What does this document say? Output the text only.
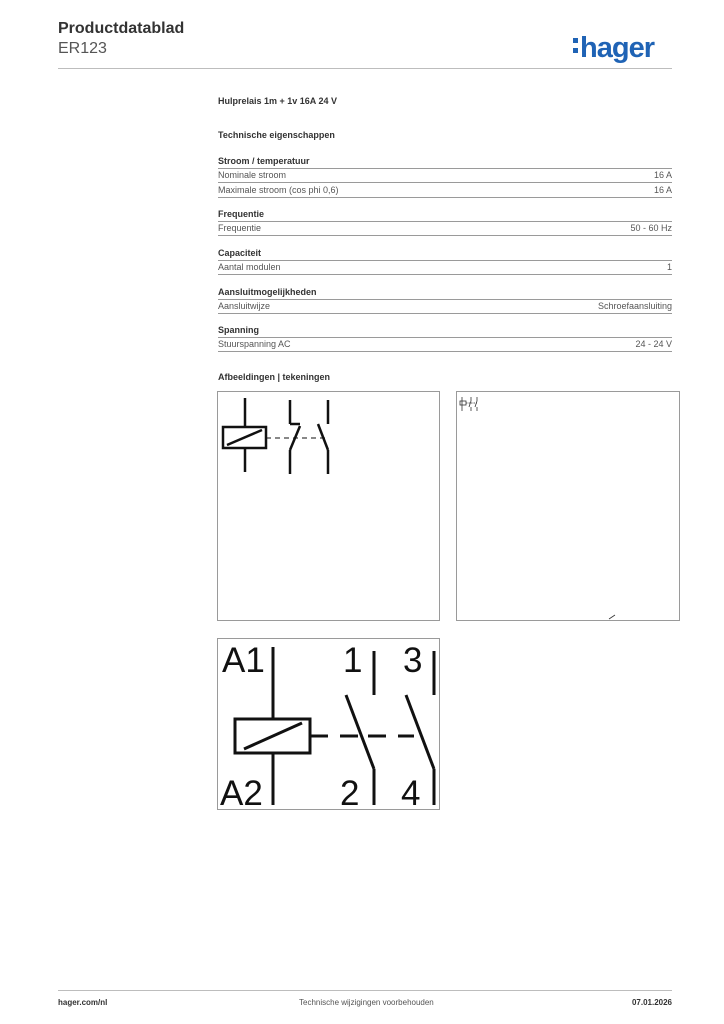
Productdatablad
ER123	hager
Hulprelais 1m + 1v 16A 24 V
Technische eigenschappen
Stroom / temperatuur
Nominale stroom	16 A
Maximale stroom (cos phi 0,6)	16 A
Frequentie
Frequentie	50 - 60 Hz
Capaciteit
Aantal modulen	1
Aansluitmogelijkheden
Aansluitwijze	Schroefaansluiting
Spanning
Stuurspanning AC	24 - 24 V
Afbeeldingen | tekeningen
A1
A2
1
2
3
4
hager.com/nl	Technische wijzigingen voorbehouden	07.01.2026
